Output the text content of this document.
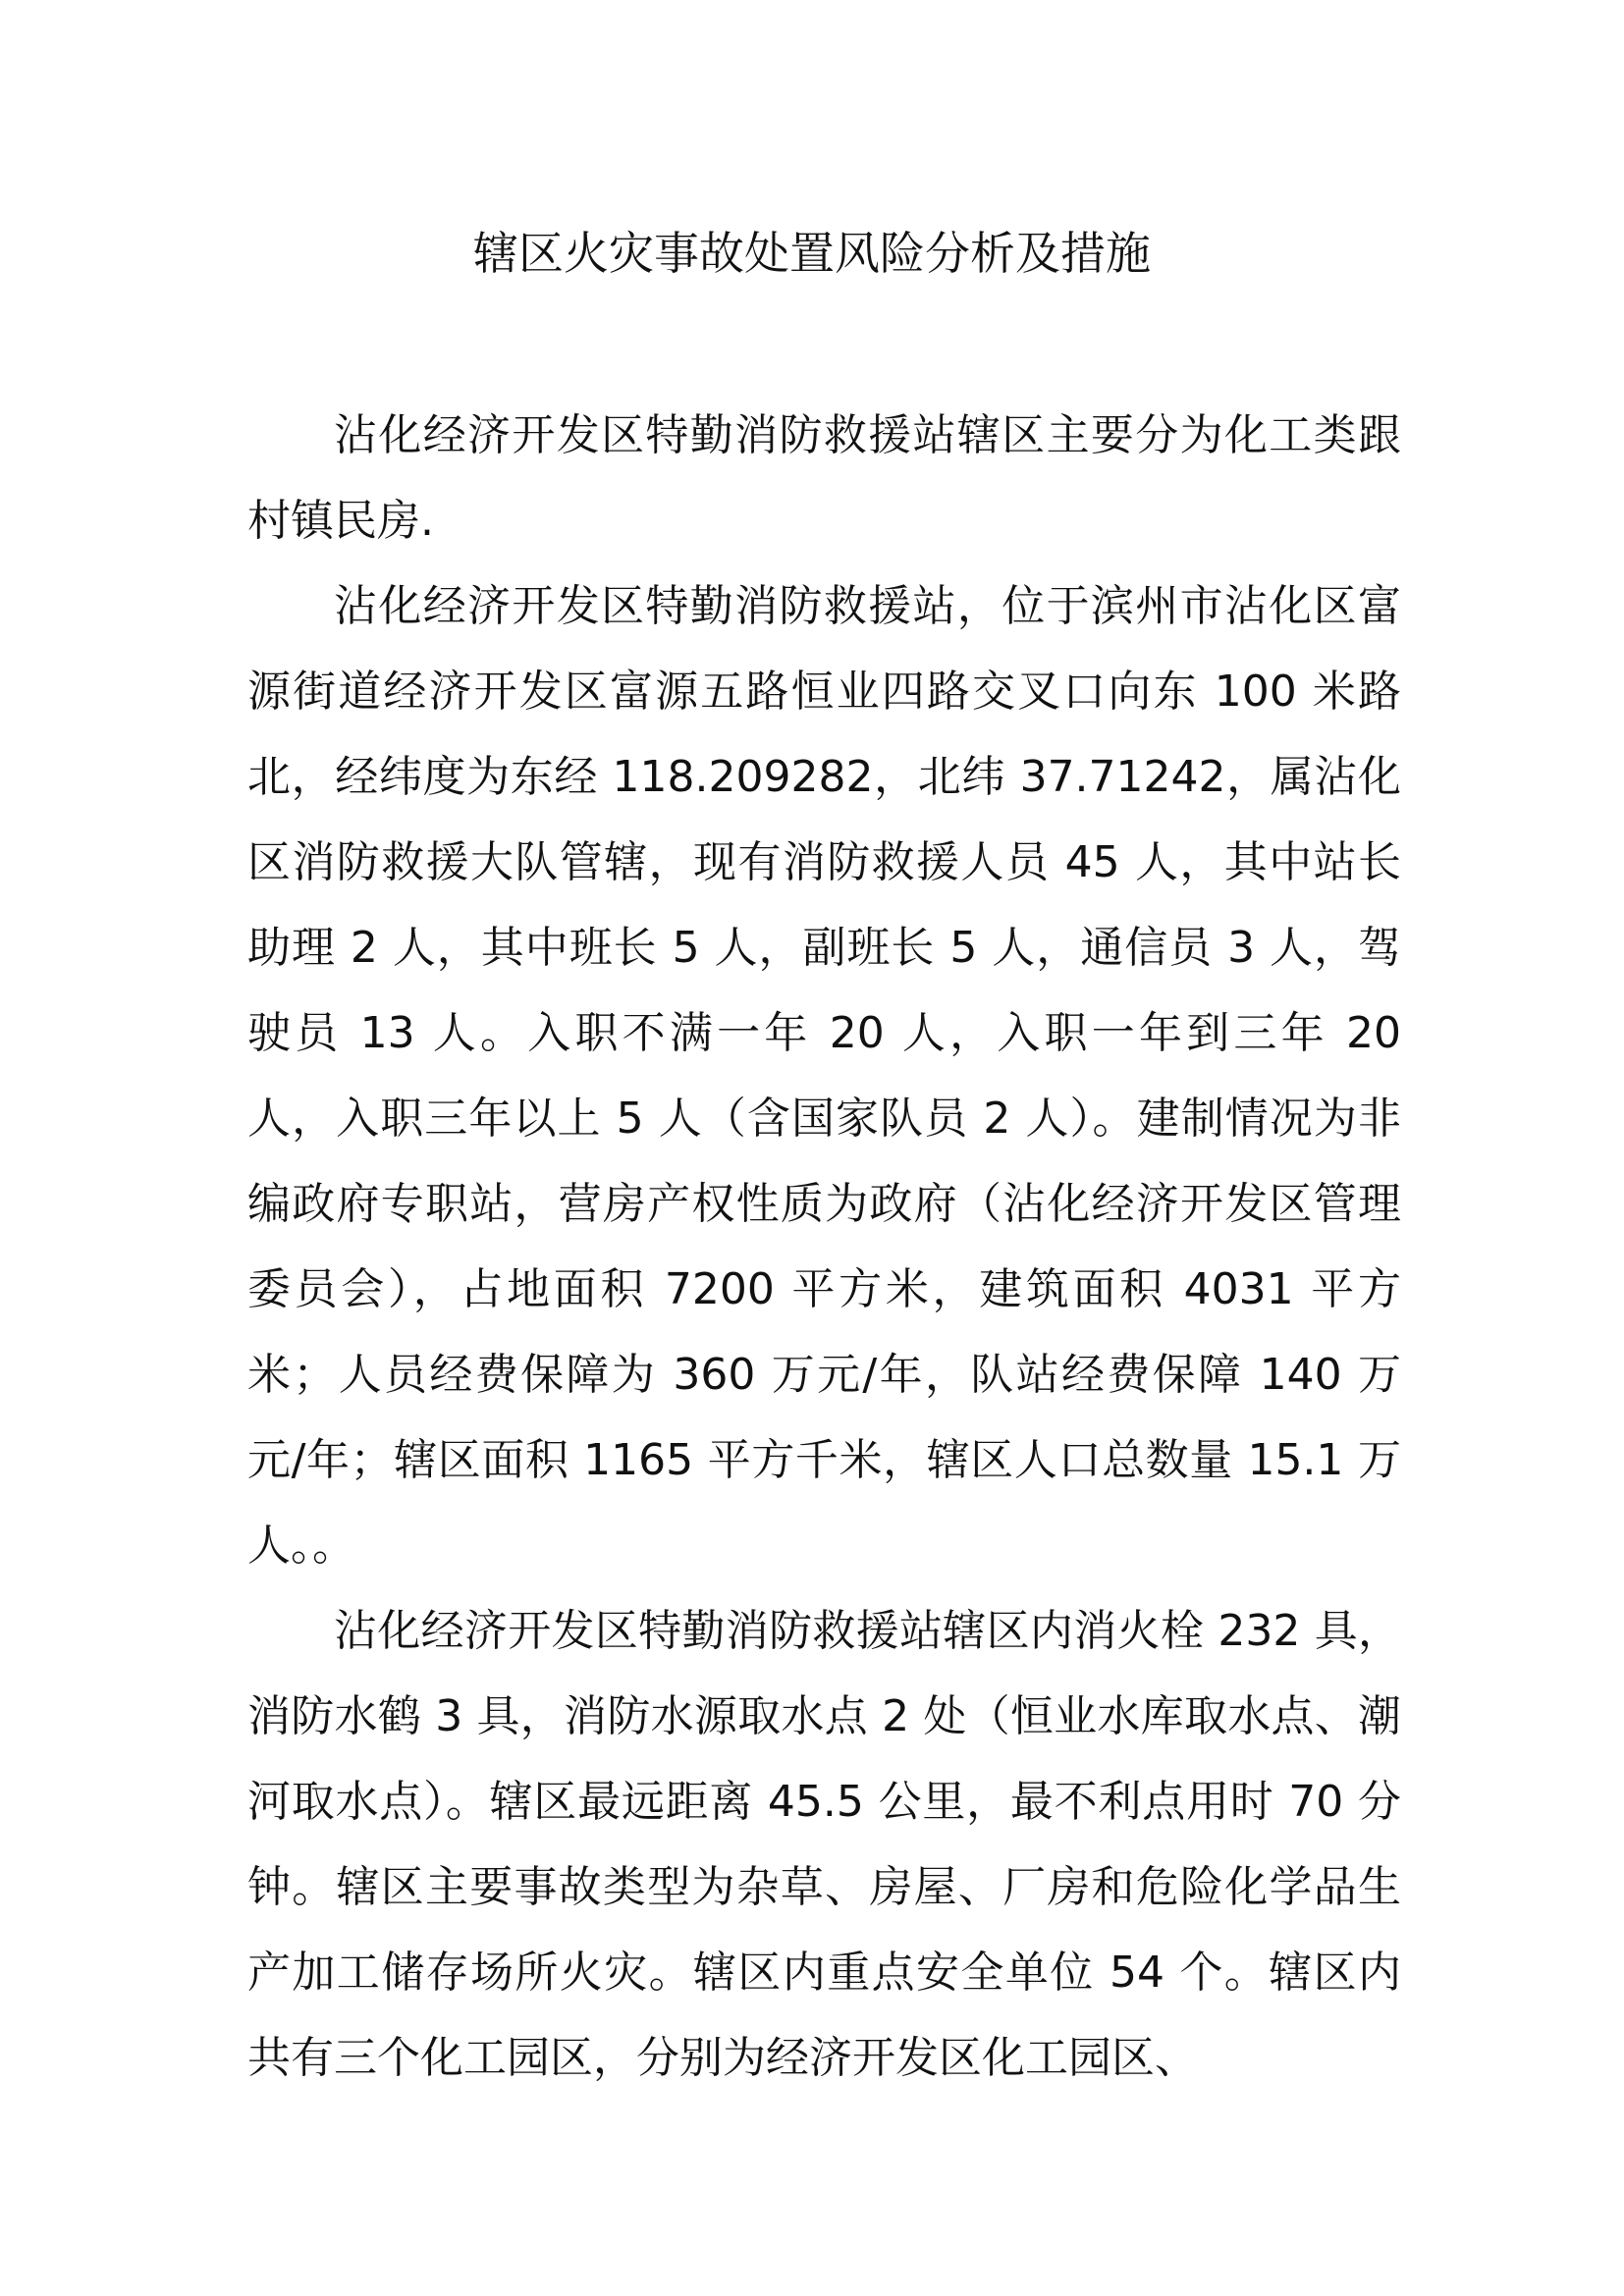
辖区火灾事故处置风险分析及措施

沾化经济开发区特勤消防救援站辖区主要分为化工类跟村镇民房.

沾化经济开发区特勤消防救援站，位于滨州市沾化区富源街道经济开发区富源五路恒业四路交叉口向东 100 米路北，经纬度为东经 118.209282，北纬 37.71242，属沾化区消防救援大队管辖，现有消防救援人员 45 人，其中站长助理 2 人，其中班长 5 人，副班长 5 人，通信员 3 人，驾驶员 13 人。入职不满一年 20 人，入职一年到三年 20 人，入职三年以上 5 人（含国家队员 2 人）。建制情况为非编政府专职站，营房产权性质为政府（沾化经济开发区管理委员会），占地面积 7200 平方米，建筑面积 4031 平方米；人员经费保障为 360 万元/年，队站经费保障 140 万元/年；辖区面积 1165 平方千米，辖区人口总数量 15.1 万人。。

沾化经济开发区特勤消防救援站辖区内消火栓 232 具，消防水鹤 3 具，消防水源取水点 2 处（恒业水库取水点、潮河取水点）。辖区最远距离 45.5 公里，最不利点用时 70 分钟。辖区主要事故类型为杂草、房屋、厂房和危险化学品生产加工储存场所火灾。辖区内重点安全单位 54 个。辖区内共有三个化工园区，分别为经济开发区化工园区、
